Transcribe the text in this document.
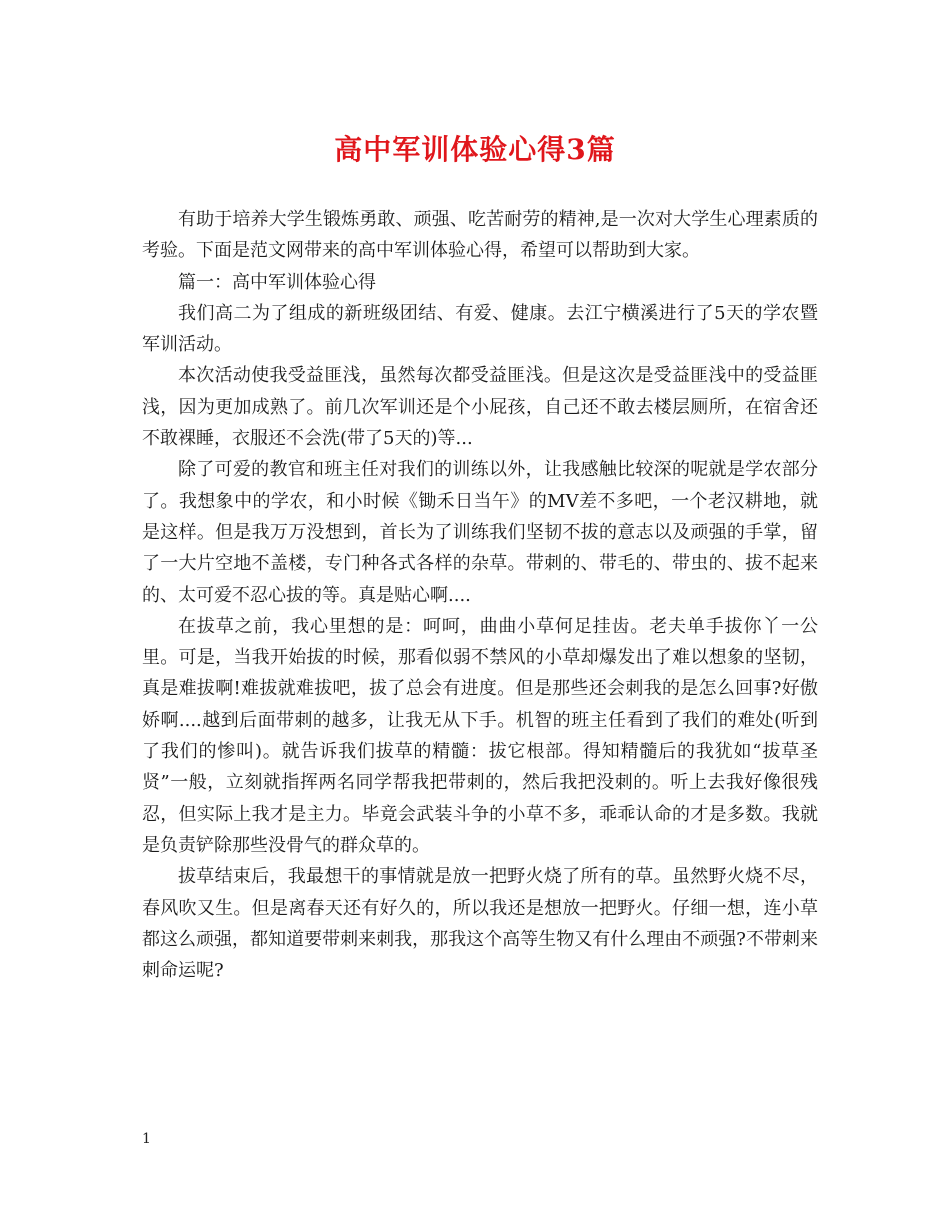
高中军训体验心得3篇

有助于培养大学生锻炼勇敢、顽强、吃苦耐劳的精神,是一次对大学生心理素质的考验。下面是范文网带来的高中军训体验心得，希望可以帮助到大家。

篇一：高中军训体验心得

我们高二为了组成的新班级团结、有爱、健康。去江宁横溪进行了5天的学农暨军训活动。

本次活动使我受益匪浅，虽然每次都受益匪浅。但是这次是受益匪浅中的受益匪浅，因为更加成熟了。前几次军训还是个小屁孩，自己还不敢去楼层厕所，在宿舍还不敢裸睡，衣服还不会洗(带了5天的)等...

除了可爱的教官和班主任对我们的训练以外，让我感触比较深的呢就是学农部分了。我想象中的学农，和小时候《锄禾日当午》的MV差不多吧，一个老汉耕地，就是这样。但是我万万没想到，首长为了训练我们坚韧不拔的意志以及顽强的手掌，留了一大片空地不盖楼，专门种各式各样的杂草。带刺的、带毛的、带虫的、拔不起来的、太可爱不忍心拔的等。真是贴心啊....

在拔草之前，我心里想的是：呵呵，曲曲小草何足挂齿。老夫单手拔你丫一公里。可是，当我开始拔的时候，那看似弱不禁风的小草却爆发出了难以想象的坚韧，真是难拔啊!难拔就难拔吧，拔了总会有进度。但是那些还会刺我的是怎么回事?好傲娇啊....越到后面带刺的越多，让我无从下手。机智的班主任看到了我们的难处(听到了我们的惨叫)。就告诉我们拔草的精髓：拔它根部。得知精髓后的我犹如“拔草圣贤”一般，立刻就指挥两名同学帮我把带刺的，然后我把没刺的。听上去我好像很残忍，但实际上我才是主力。毕竟会武装斗争的小草不多，乖乖认命的才是多数。我就是负责铲除那些没骨气的群众草的。

拔草结束后，我最想干的事情就是放一把野火烧了所有的草。虽然野火烧不尽，春风吹又生。但是离春天还有好久的，所以我还是想放一把野火。仔细一想，连小草都这么顽强，都知道要带刺来刺我，那我这个高等生物又有什么理由不顽强?不带刺来刺命运呢?

1
